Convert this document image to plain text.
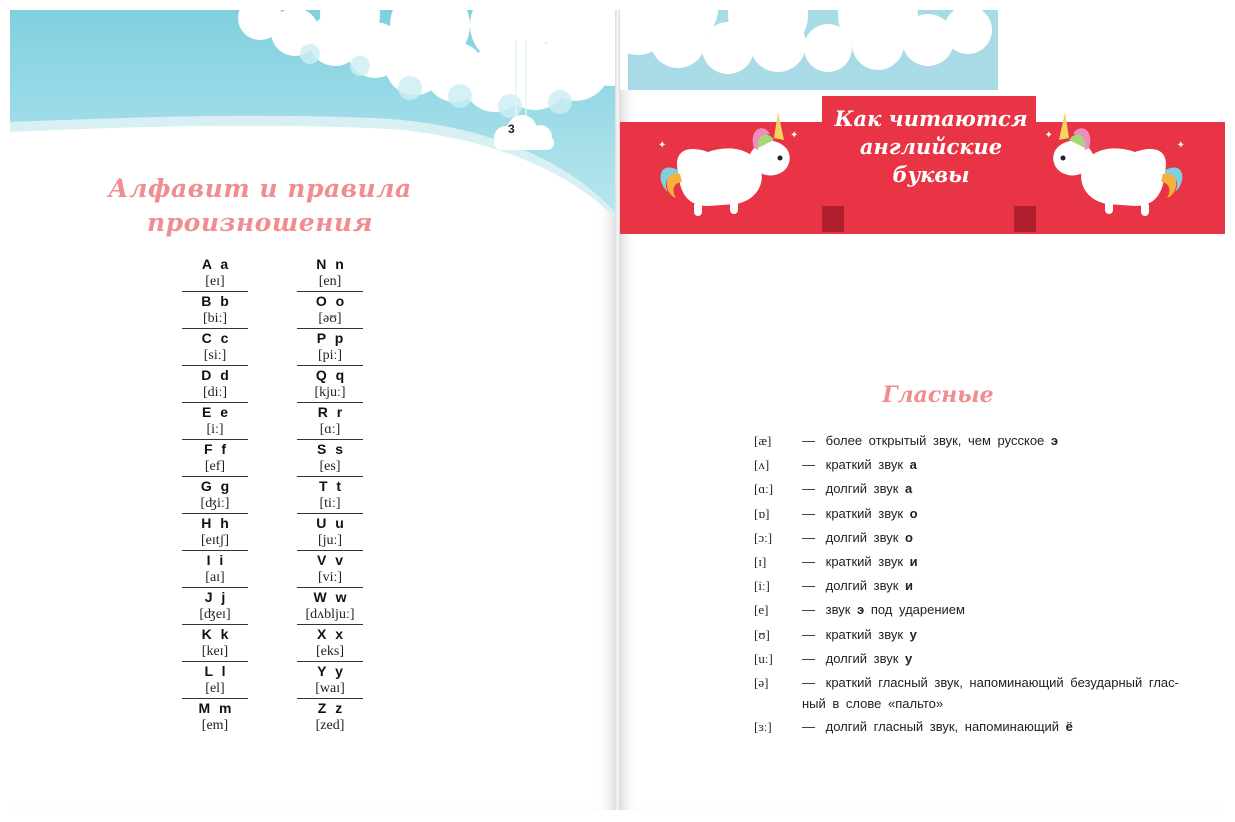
3
Алфавит и правила произношения
A a
[eɪ]
B b
[biː]
C c
[siː]
D d
[diː]
E e
[iː]
F f
[ef]
G g
[ʤiː]
H h
[eɪtʃ]
I i
[aɪ]
J j
[ʤeɪ]
K k
[keɪ]
L l
[el]
M m
[em]
N n
[en]
O o
[əʊ]
P p
[piː]
Q q
[kjuː]
R r
[ɑː]
S s
[es]
T t
[tiː]
U u
[juː]
V v
[viː]
W w
[dʌbljuː]
X x
[eks]
Y y
[waɪ]
Z z
[zed]
✦
✦
✦
✦
Как читаются английские буквы
Гласные
[æ] — более открытый звук, чем русское э
[ʌ]	— краткий звук а
[ɑː] — долгий звук а
[ɒ]	— краткий звук о
[ɔː] — долгий звук о
[ɪ]	— краткий звук и
[iː] — долгий звук и
[e]	— звук э под ударением
[ʊ] — краткий звук у
[uː] — долгий звук у
[ə]	— краткий гласный звук, напоминающий безударный глас-ный в слове «пальто»
[ɜː] — долгий гласный звук, напоминающий ё
